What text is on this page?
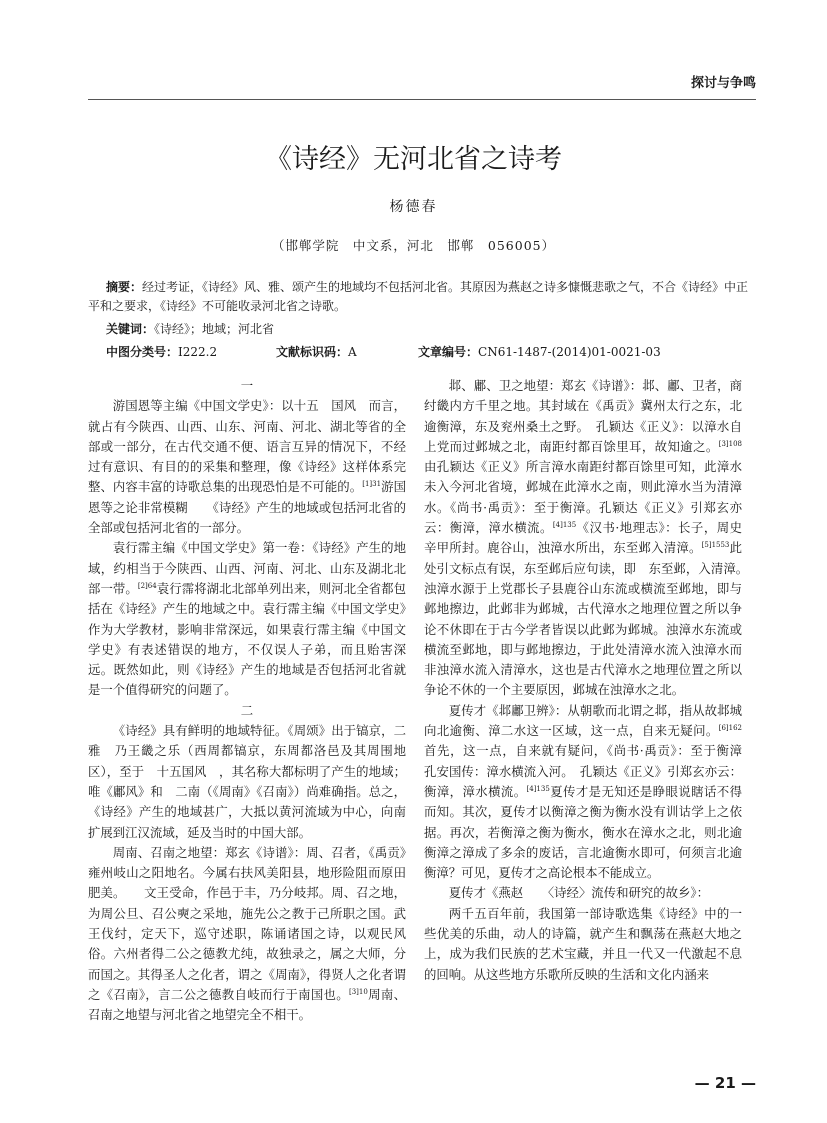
探讨与争鸣
《诗经》无河北省之诗考
杨德春
（邯郸学院　中文系，河北　邯郸　056005）
摘要：经过考证，《诗经》风、雅、颂产生的地域均不包括河北省。其原因为燕赵之诗多慷慨悲歌之气，不合《诗经》中正平和之要求，《诗经》不可能收录河北省之诗歌。
关键词：《诗经》；地域；河北省
中图分类号：I222.2	文献标识码：A	文章编号：CN61-1487-(2014)01-0021-03

一

游国恩等主编《中国文学史》：以十五　国风　而言，就占有今陕西、山西、山东、河南、河北、湖北等省的全部或一部分，在古代交通不便、语言互异的情况下，不经过有意识、有目的的采集和整理，像《诗经》这样体系完整、内容丰富的诗歌总集的出现恐怕是不可能的。$^{[1]31}$游国恩等之论非常模糊　　《诗经》产生的地域或包括河北省的全部或包括河北省的一部分。

袁行霈主编《中国文学史》第一卷：《诗经》产生的地域，约相当于今陕西、山西、河南、河北、山东及湖北北部一带。$^{[2]64}$袁行霈将湖北北部单列出来，则河北全省都包括在《诗经》产生的地域之中。袁行霈主编《中国文学史》作为大学教材，影响非常深远，如果袁行霈主编《中国文学史》有表述错误的地方，不仅误人子弟，而且贻害深远。既然如此，则《诗经》产生的地域是否包括河北省就是一个值得研究的问题了。

二

《诗经》具有鲜明的地域特征。《周颂》出于镐京，二雅　乃王畿之乐（西周都镐京，东周都洛邑及其周围地区），至于　十五国风　，其名称大都标明了产生的地域；唯《鄘风》和　二南（《周南》《召南》）尚难确指。总之，《诗经》产生的地域甚广，大抵以黄河流域为中心，向南扩展到江汉流域，延及当时的中国大部。

周南、召南之地望：郑玄《诗谱》：周、召者，《禹贡》雍州岐山之阳地名。今属右扶风美阳县，地形险阻而原田肥美。　　文王受命，作邑于丰，乃分岐邦。周、召之地，为周公旦、召公奭之采地，施先公之教于己所职之国。武王伐纣，定天下，巡守述职，陈诵诸国之诗，以观民风俗。六州者得二公之德教尤纯，故独录之，属之大师，分而国之。其得圣人之化者，谓之《周南》，得贤人之化者谓之《召南》，言二公之德教自岐而行于南国也。$^{[3]10}$周南、召南之地望与河北省之地望完全不相干。

邶、鄘、卫之地望：郑玄《诗谱》：邶、鄘、卫者，商纣畿内方千里之地。其封域在《禹贡》冀州太行之东，北逾衡漳，东及兖州桑土之野。　孔颖达《正义》：以漳水自上党而过邺城之北，南距纣都百馀里耳，故知逾之。$^{[3]108}$由孔颖达《正义》所言漳水南距纣都百馀里可知，此漳水未入今河北省境，邺城在此漳水之南，则此漳水当为清漳水。《尚书·禹贡》：至于衡漳。孔颖达《正义》引郑玄亦云：衡漳，漳水横流。$^{[4]135}$《汉书·地理志》：长子，周史辛甲所封。鹿谷山，浊漳水所出，东至邺入清漳。$^{[5]1553}$此处引文标点有误，东至邺后应句读，即　东至邺，入清漳。　浊漳水源于上党郡长子县鹿谷山东流或横流至邺地，即与邺地擦边，此邺非为邺城，古代漳水之地理位置之所以争论不休即在于古今学者皆误以此邺为邺城。浊漳水东流或横流至邺地，即与邺地擦边，于此处清漳水流入浊漳水而非浊漳水流入清漳水，这也是古代漳水之地理位置之所以争论不休的一个主要原因，邺城在浊漳水之北。

夏传才《邶鄘卫辨》：从朝歌而北谓之邶，指从故邶城向北逾衡、漳二水这一区域，这一点，自来无疑问。$^{[6]162}$首先，这一点，自来就有疑问，《尚书·禹贡》：至于衡漳　孔安国传：漳水横流入河。　孔颖达《正义》引郑玄亦云：衡漳，漳水横流。$^{[4]135}$夏传才是无知还是睁眼说瞎话不得而知。其次，夏传才以衡漳之衡为衡水没有训诂学上之依据。再次，若衡漳之衡为衡水，衡水在漳水之北，则北逾衡漳之漳成了多余的废话，言北逾衡水即可，何须言北逾衡漳？可见，夏传才之高论根本不能成立。

夏传才《燕赵　　〈诗经〉流传和研究的故乡》：

两千五百年前，我国第一部诗歌选集《诗经》中的一些优美的乐曲，动人的诗篇，就产生和飘荡在燕赵大地之上，成为我们民族的艺术宝藏，并且一代又一代激起不息的回响。从这些地方乐歌所反映的生活和文化内涵来

— 21 —
